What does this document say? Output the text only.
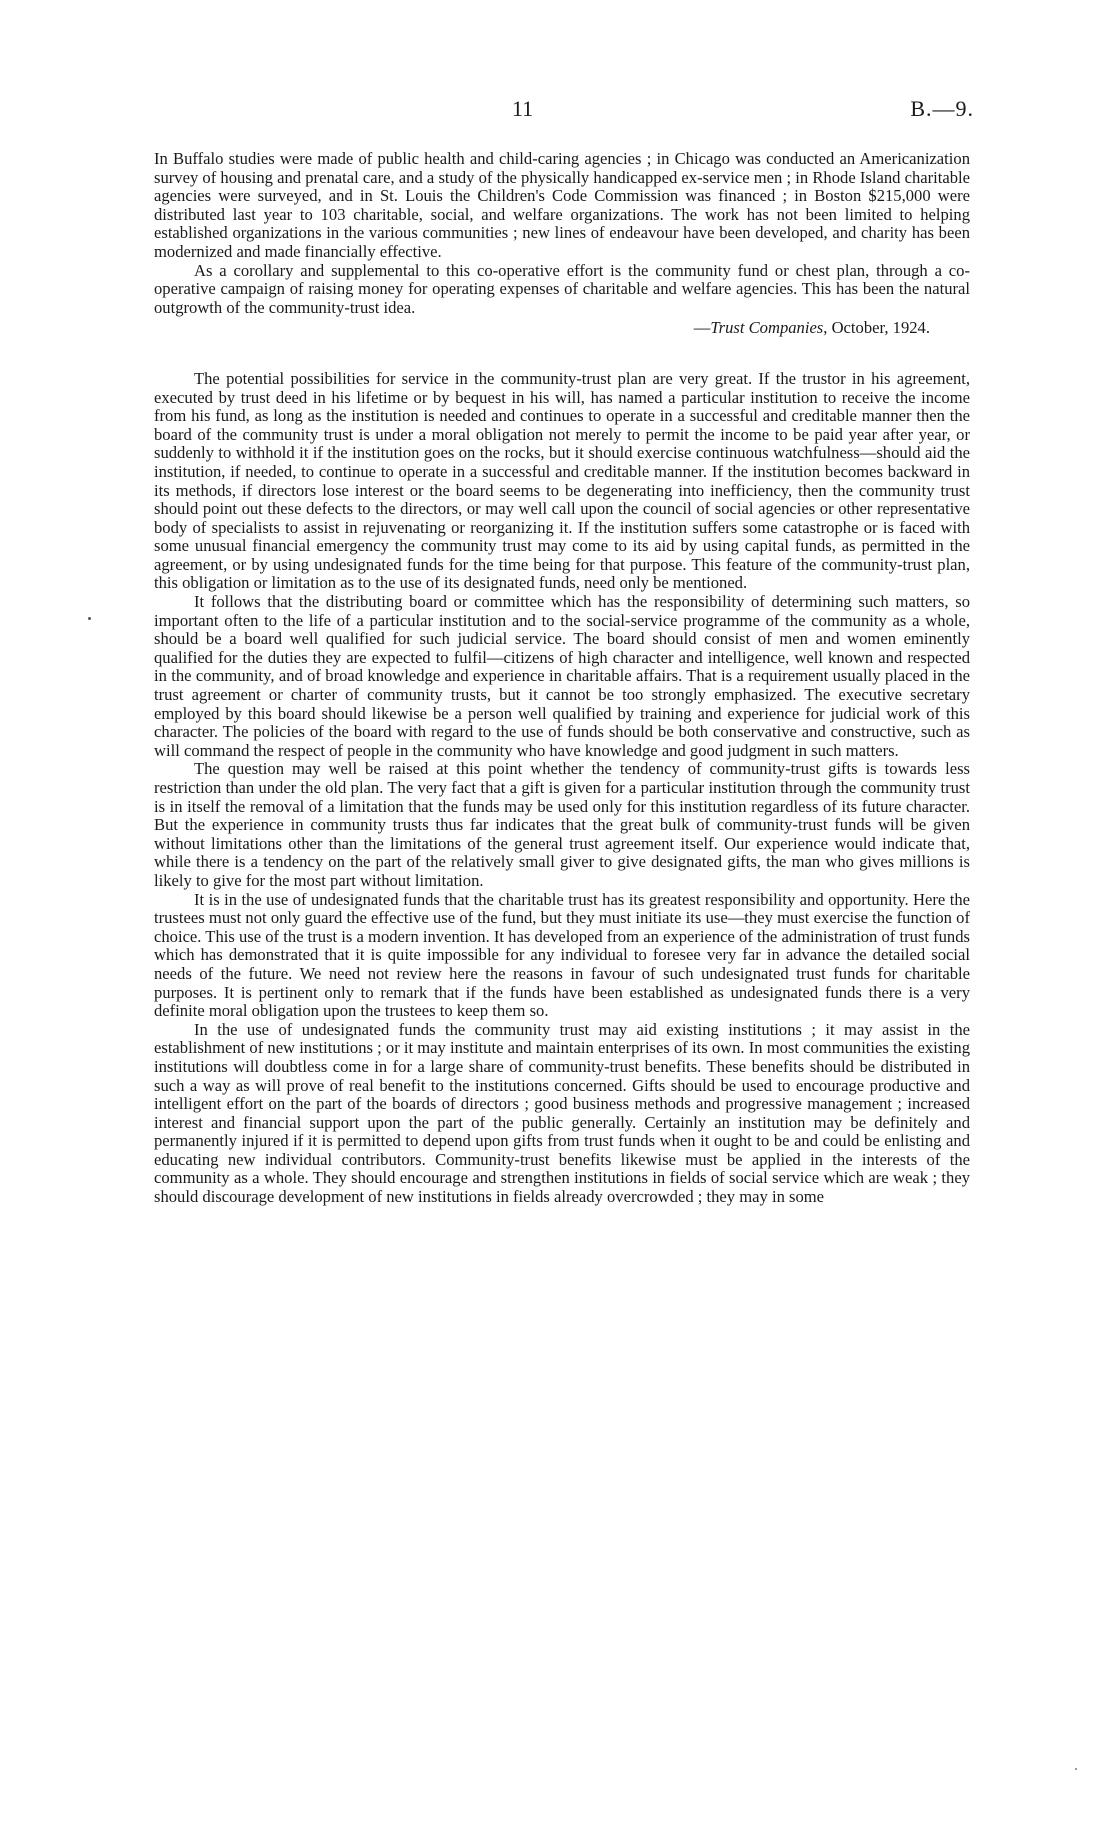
11	B.—9.

In Buffalo studies were made of public health and child-caring agencies ; in Chicago was conducted an Americanization survey of housing and prenatal care, and a study of the physically handicapped ex-service men ; in Rhode Island charitable agencies were surveyed, and in St. Louis the Children's Code Commission was financed ; in Boston $215,000 were distributed last year to 103 charitable, social, and welfare organizations. The work has not been limited to helping established organizations in the various communities ; new lines of endeavour have been developed, and charity has been modernized and made financially effective.

As a corollary and supplemental to this co-operative effort is the community fund or chest plan, through a co-operative campaign of raising money for operating expenses of charitable and welfare agencies. This has been the natural outgrowth of the community-trust idea.

—Trust Companies, October, 1924.

The potential possibilities for service in the community-trust plan are very great. If the trustor in his agreement, executed by trust deed in his lifetime or by bequest in his will, has named a particular institution to receive the income from his fund, as long as the institution is needed and continues to operate in a successful and creditable manner then the board of the community trust is under a moral obligation not merely to permit the income to be paid year after year, or suddenly to withhold it if the institution goes on the rocks, but it should exercise continuous watchfulness—should aid the institution, if needed, to continue to operate in a successful and creditable manner. If the institution becomes backward in its methods, if directors lose interest or the board seems to be degenerating into inefficiency, then the community trust should point out these defects to the directors, or may well call upon the council of social agencies or other representative body of specialists to assist in rejuvenating or reorganizing it. If the institution suffers some catastrophe or is faced with some unusual financial emergency the community trust may come to its aid by using capital funds, as permitted in the agreement, or by using undesignated funds for the time being for that purpose. This feature of the community-trust plan, this obligation or limitation as to the use of its designated funds, need only be mentioned.

It follows that the distributing board or committee which has the responsibility of determining such matters, so important often to the life of a particular institution and to the social-service programme of the community as a whole, should be a board well qualified for such judicial service. The board should consist of men and women eminently qualified for the duties they are expected to fulfil—citizens of high character and intelligence, well known and respected in the community, and of broad knowledge and experience in charitable affairs. That is a requirement usually placed in the trust agreement or charter of community trusts, but it cannot be too strongly emphasized. The executive secretary employed by this board should likewise be a person well qualified by training and experience for judicial work of this character. The policies of the board with regard to the use of funds should be both conservative and constructive, such as will command the respect of people in the community who have knowledge and good judgment in such matters.

The question may well be raised at this point whether the tendency of community-trust gifts is towards less restriction than under the old plan. The very fact that a gift is given for a particular institution through the community trust is in itself the removal of a limitation that the funds may be used only for this institution regardless of its future character. But the experience in community trusts thus far indicates that the great bulk of community-trust funds will be given without limitations other than the limitations of the general trust agreement itself. Our experience would indicate that, while there is a tendency on the part of the relatively small giver to give designated gifts, the man who gives millions is likely to give for the most part without limitation.

It is in the use of undesignated funds that the charitable trust has its greatest responsibility and opportunity. Here the trustees must not only guard the effective use of the fund, but they must initiate its use—they must exercise the function of choice. This use of the trust is a modern invention. It has developed from an experience of the administration of trust funds which has demonstrated that it is quite impossible for any individual to foresee very far in advance the detailed social needs of the future. We need not review here the reasons in favour of such undesignated trust funds for charitable purposes. It is pertinent only to remark that if the funds have been established as undesignated funds there is a very definite moral obligation upon the trustees to keep them so.

In the use of undesignated funds the community trust may aid existing institutions ; it may assist in the establishment of new institutions ; or it may institute and maintain enterprises of its own. In most communities the existing institutions will doubtless come in for a large share of community-trust benefits. These benefits should be distributed in such a way as will prove of real benefit to the institutions concerned. Gifts should be used to encourage productive and intelligent effort on the part of the boards of directors ; good business methods and progressive management ; increased interest and financial support upon the part of the public generally. Certainly an institution may be definitely and permanently injured if it is permitted to depend upon gifts from trust funds when it ought to be and could be enlisting and educating new individual contributors. Community-trust benefits likewise must be applied in the interests of the community as a whole. They should encourage and strengthen institutions in fields of social service which are weak ; they should discourage development of new institutions in fields already overcrowded ; they may in some
